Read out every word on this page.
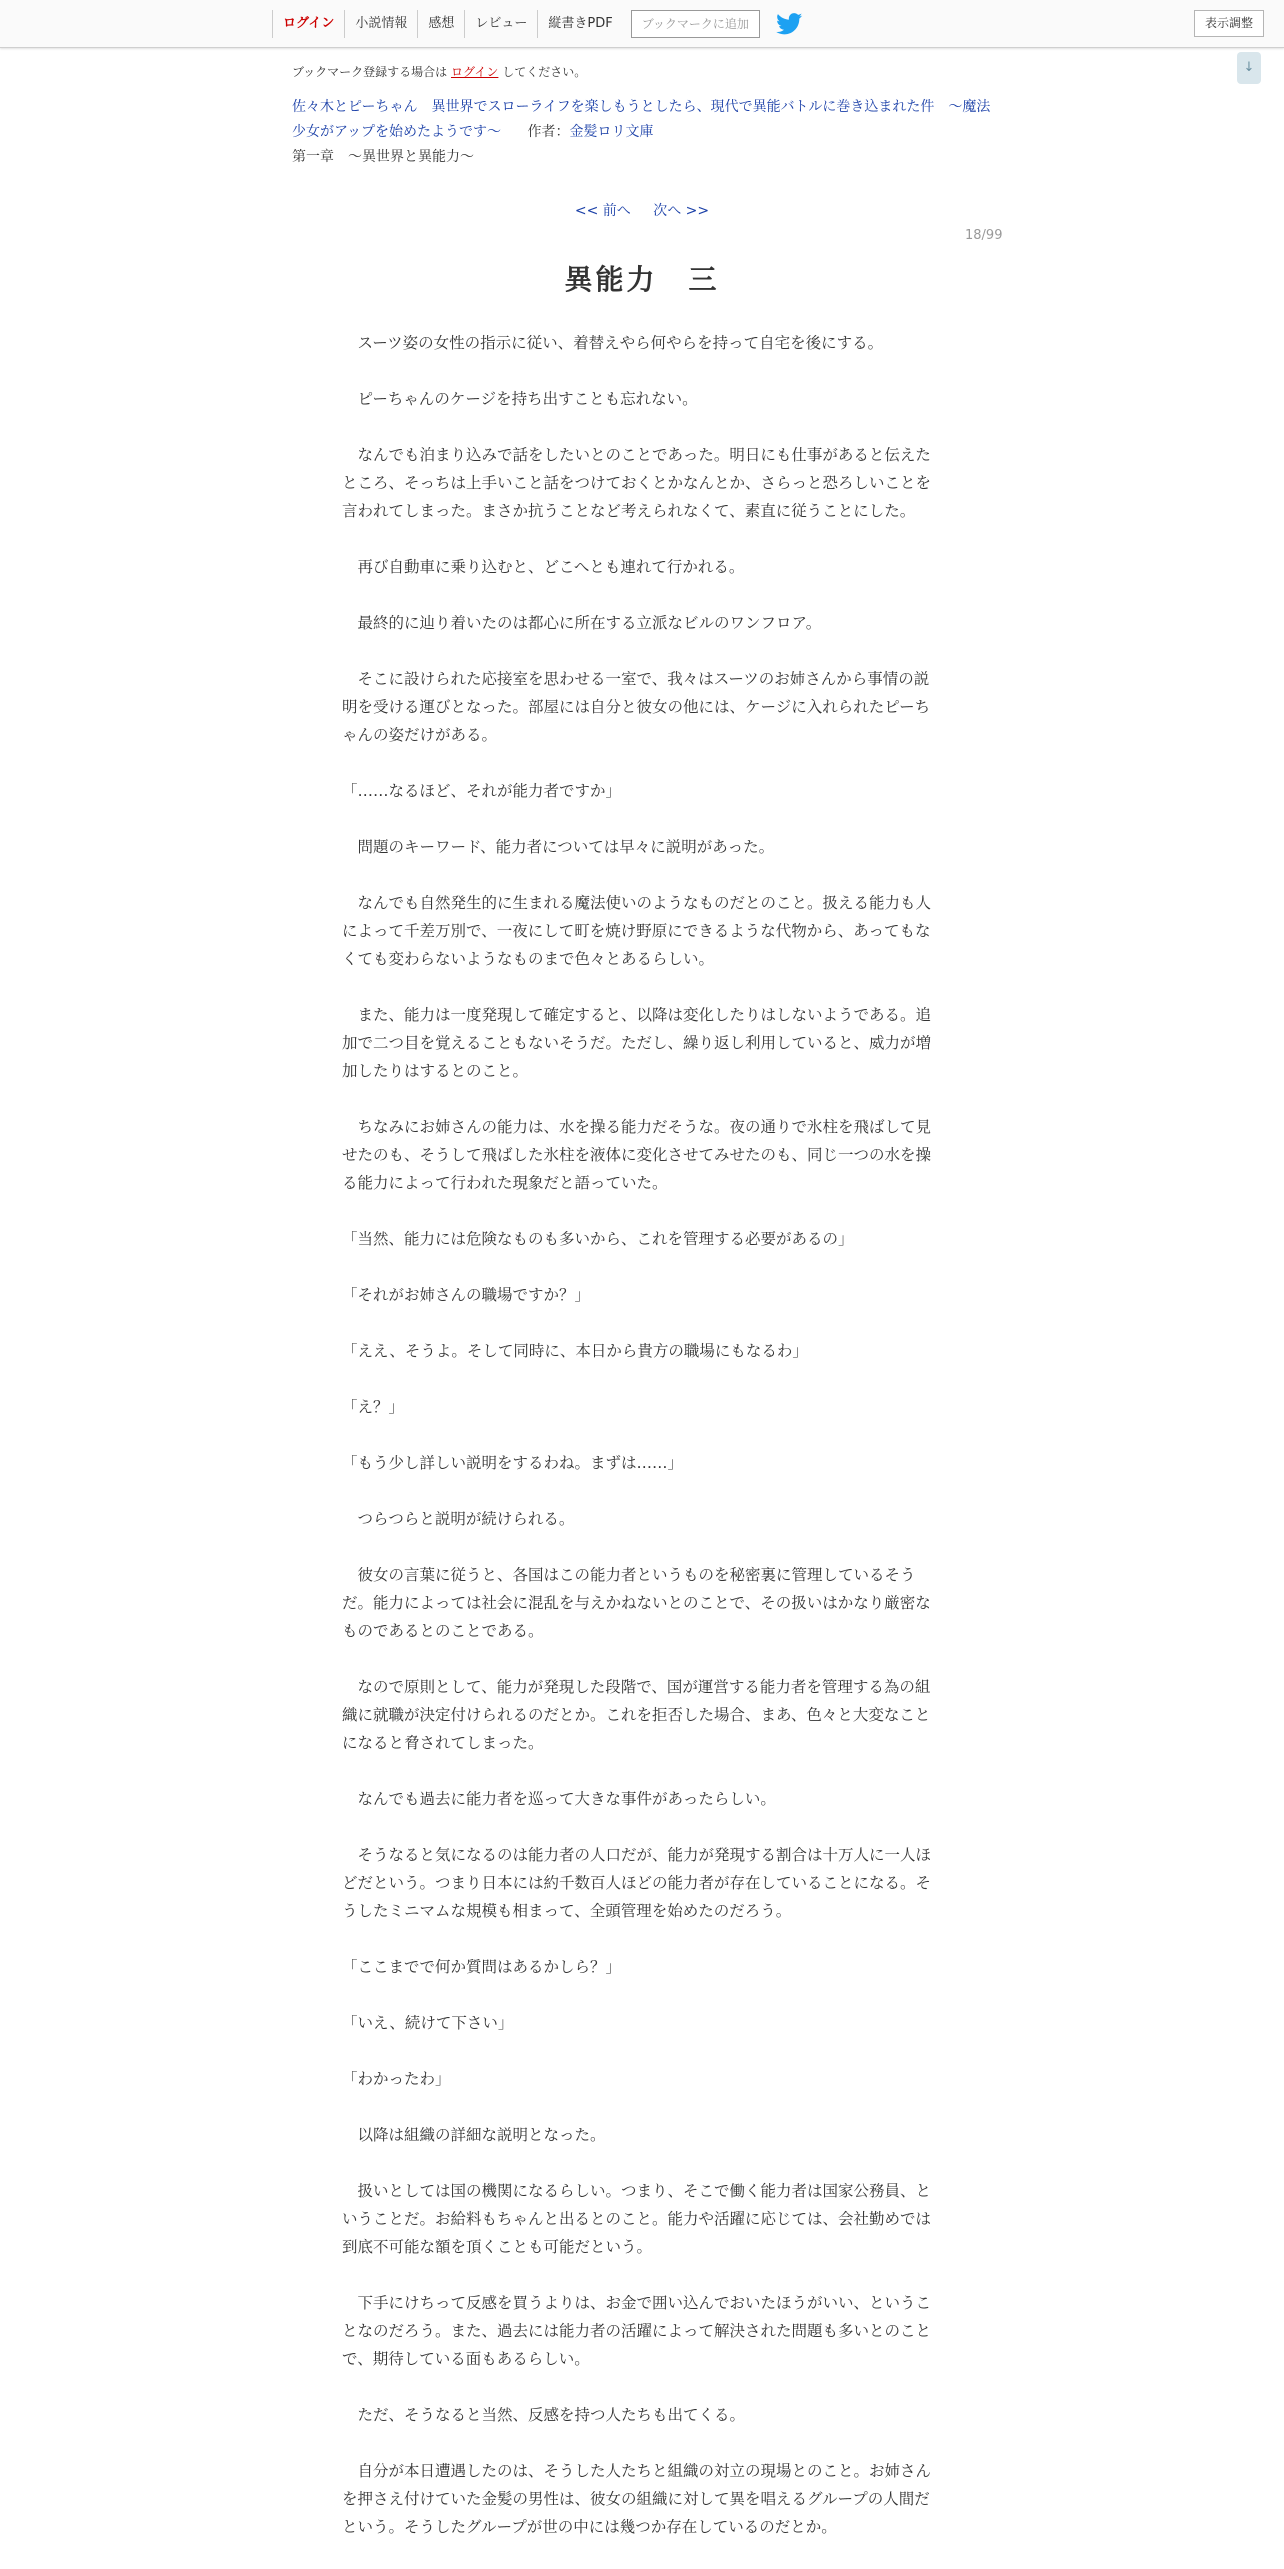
ログイン	小説情報	感想	レビュー	縦書きPDF	ブックマークに追加	表示調整
ブックマーク登録する場合は ログイン してください。	↓
佐々木とピーちゃん　異世界でスローライフを楽しもうとしたら、現代で異能バトルに巻き込まれた件　～魔法少女がアップを始めたようです～ 作者：金髪ロリ文庫
第一章　～異世界と異能力～
<< 前へ 次へ >>
18/99
異能力　三

　スーツ姿の女性の指示に従い、着替えやら何やらを持って自宅を後にする。

　ピーちゃんのケージを持ち出すことも忘れない。

　なんでも泊まり込みで話をしたいとのことであった。明日にも仕事があると伝えたところ、そっちは上手いこと話をつけておくとかなんとか、さらっと恐ろしいことを言われてしまった。まさか抗うことなど考えられなくて、素直に従うことにした。

　再び自動車に乗り込むと、どこへとも連れて行かれる。

　最終的に辿り着いたのは都心に所在する立派なビルのワンフロア。

　そこに設けられた応接室を思わせる一室で、我々はスーツのお姉さんから事情の説明を受ける運びとなった。部屋には自分と彼女の他には、ケージに入れられたピーちゃんの姿だけがある。

「……なるほど、それが能力者ですか」

　問題のキーワード、能力者については早々に説明があった。

　なんでも自然発生的に生まれる魔法使いのようなものだとのこと。扱える能力も人によって千差万別で、一夜にして町を焼け野原にできるような代物から、あってもなくても変わらないようなものまで色々とあるらしい。

　また、能力は一度発現して確定すると、以降は変化したりはしないようである。追加で二つ目を覚えることもないそうだ。ただし、繰り返し利用していると、威力が増加したりはするとのこと。

　ちなみにお姉さんの能力は、水を操る能力だそうな。夜の通りで氷柱を飛ばして見せたのも、そうして飛ばした氷柱を液体に変化させてみせたのも、同じ一つの水を操る能力によって行われた現象だと語っていた。

「当然、能力には危険なものも多いから、これを管理する必要があるの」

「それがお姉さんの職場ですか？」

「ええ、そうよ。そして同時に、本日から貴方の職場にもなるわ」

「え？」

「もう少し詳しい説明をするわね。まずは……」

　つらつらと説明が続けられる。

　彼女の言葉に従うと、各国はこの能力者というものを秘密裏に管理しているそうだ。能力によっては社会に混乱を与えかねないとのことで、その扱いはかなり厳密なものであるとのことである。

　なので原則として、能力が発現した段階で、国が運営する能力者を管理する為の組織に就職が決定付けられるのだとか。これを拒否した場合、まあ、色々と大変なことになると脅されてしまった。

　なんでも過去に能力者を巡って大きな事件があったらしい。

　そうなると気になるのは能力者の人口だが、能力が発現する割合は十万人に一人ほどだという。つまり日本には約千数百人ほどの能力者が存在していることになる。そうしたミニマムな規模も相まって、全頭管理を始めたのだろう。

「ここまでで何か質問はあるかしら？」

「いえ、続けて下さい」

「わかったわ」

　以降は組織の詳細な説明となった。

　扱いとしては国の機関になるらしい。つまり、そこで働く能力者は国家公務員、ということだ。お給料もちゃんと出るとのこと。能力や活躍に応じては、会社勤めでは到底不可能な額を頂くことも可能だという。

　下手にけちって反感を買うよりは、お金で囲い込んでおいたほうがいい、ということなのだろう。また、過去には能力者の活躍によって解決された問題も多いとのことで、期待している面もあるらしい。

　ただ、そうなると当然、反感を持つ人たちも出てくる。

　自分が本日遭遇したのは、そうした人たちと組織の対立の現場とのこと。お姉さんを押さえ付けていた金髪の男性は、彼女の組織に対して異を唱えるグループの人間だという。そうしたグループが世の中には幾つか存在しているのだとか。
